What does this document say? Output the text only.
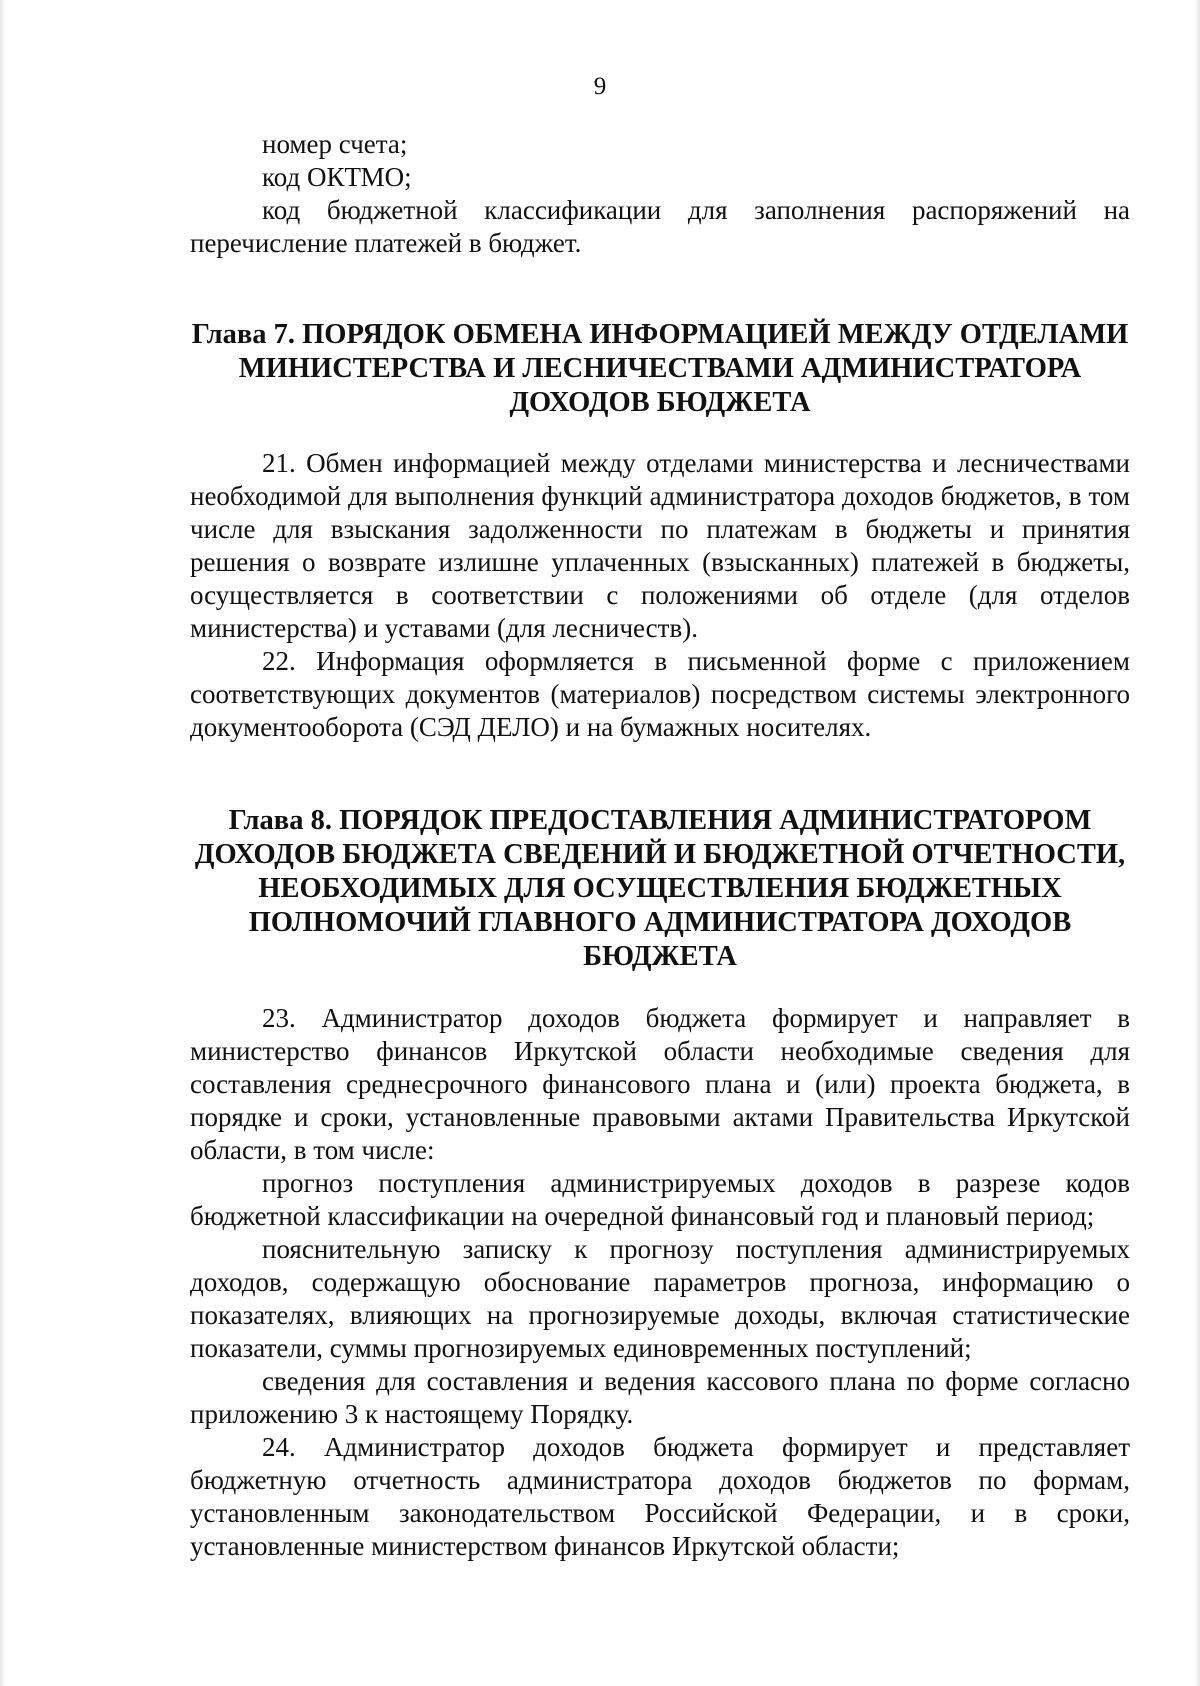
9

номер счета;

код ОКТМО;

код бюджетной классификации для заполнения распоряжений на перечисление платежей в бюджет.

Глава 7. ПОРЯДОК ОБМЕНА ИНФОРМАЦИЕЙ МЕЖДУ ОТДЕЛАМИ
МИНИСТЕРСТВА И ЛЕСНИЧЕСТВАМИ АДМИНИСТРАТОРА
ДОХОДОВ БЮДЖЕТА

21. Обмен информацией между отделами министерства и лесничествами необходимой для выполнения функций администратора доходов бюджетов, в том числе для взыскания задолженности по платежам в бюджеты и принятия решения о возврате излишне уплаченных (взысканных) платежей в бюджеты, осуществляется в соответствии с положениями об отделе (для отделов министерства) и уставами (для лесничеств).

22. Информация оформляется в письменной форме с приложением соответствующих документов (материалов) посредством системы электронного документооборота (СЭД ДЕЛО) и на бумажных носителях.

Глава 8. ПОРЯДОК ПРЕДОСТАВЛЕНИЯ АДМИНИСТРАТОРОМ
ДОХОДОВ БЮДЖЕТА СВЕДЕНИЙ И БЮДЖЕТНОЙ ОТЧЕТНОСТИ,
НЕОБХОДИМЫХ ДЛЯ ОСУЩЕСТВЛЕНИЯ БЮДЖЕТНЫХ
ПОЛНОМОЧИЙ ГЛАВНОГО АДМИНИСТРАТОРА ДОХОДОВ
БЮДЖЕТА

23. Администратор доходов бюджета формирует и направляет в министерство финансов Иркутской области необходимые сведения для составления среднесрочного финансового плана и (или) проекта бюджета, в порядке и сроки, установленные правовыми актами Правительства Иркутской области, в том числе:

прогноз поступления администрируемых доходов в разрезе кодов бюджетной классификации на очередной финансовый год и плановый период;

пояснительную записку к прогнозу поступления администрируемых доходов, содержащую обоснование параметров прогноза, информацию о показателях, влияющих на прогнозируемые доходы, включая статистические показатели, суммы прогнозируемых единовременных поступлений;

сведения для составления и ведения кассового плана по форме согласно приложению 3 к настоящему Порядку.

24. Администратор доходов бюджета формирует и представляет бюджетную отчетность администратора доходов бюджетов по формам, установленным законодательством Российской Федерации, и в сроки, установленные министерством финансов Иркутской области;
